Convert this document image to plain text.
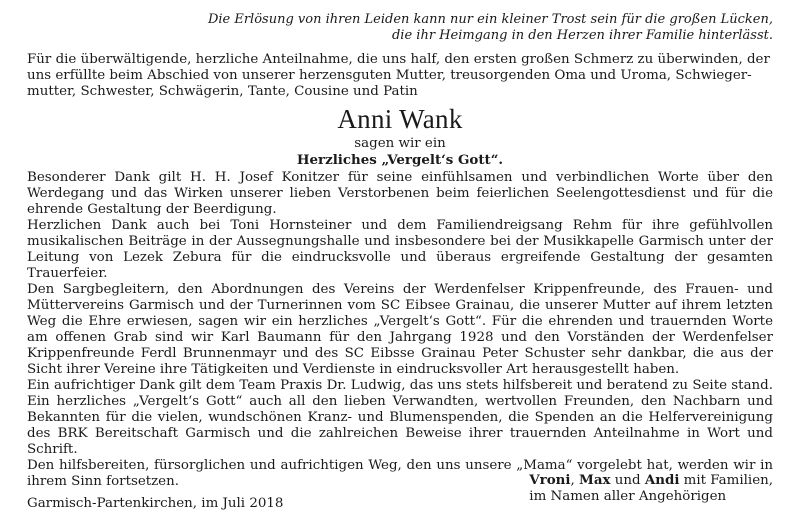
Die Erlösung von ihren Leiden kann nur ein kleiner Trost sein für die großen Lücken,
die ihr Heimgang in den Herzen ihrer Familie hinterlässt.
Für die überwältigende, herzliche Anteilnahme, die uns half, den ersten großen Schmerz zu überwinden, der
uns erfüllte beim Abschied von unserer herzensguten Mutter, treusorgenden Oma und Uroma, Schwieger-
mutter, Schwester, Schwägerin, Tante, Cousine und Patin
Anni Wank
sagen wir ein
Herzliches „Vergelt‘s Gott“.

Besonderer Dank gilt H. H. Josef Konitzer für seine einfühlsamen und verbindlichen Worte über den Werdegang und das Wirken unserer lieben Verstorbenen beim feierlichen Seelengottesdienst und für die ehrende Gestaltung der Beerdigung.

Herzlichen Dank auch bei Toni Hornsteiner und dem Familiendreigsang Rehm für ihre gefühlvollen musikalischen Beiträge in der Aussegnungshalle und insbesondere bei der Musikkapelle Garmisch unter der Leitung von Lezek Zebura für die eindrucksvolle und überaus ergreifende Gestaltung der gesamten Trauerfeier.

Den Sargbegleitern, den Abordnungen des Vereins der Werdenfelser Krippenfreunde, des Frauen- und Müttervereins Garmisch und der Turnerinnen vom SC Eibsee Grainau, die unserer Mutter auf ihrem letzten Weg die Ehre erwiesen, sagen wir ein herzliches „Vergelt‘s Gott“. Für die ehrenden und trauernden Worte am offenen Grab sind wir Karl Baumann für den Jahrgang 1928 und den Vorständen der Werdenfelser Krippenfreunde Ferdl Brunnenmayr und des SC Eibsse Grainau Peter Schuster sehr dankbar, die aus der Sicht ihrer Vereine ihre Tätigkeiten und Verdienste in eindrucksvoller Art herausgestellt haben.

Ein aufrichtiger Dank gilt dem Team Praxis Dr. Ludwig, das uns stets hilfsbereit und beratend zu Seite stand. Ein herzliches „Vergelt‘s Gott“ auch all den lieben Verwandten, wertvollen Freunden, den Nachbarn und Bekannten für die vielen, wundschönen Kranz- und Blumenspenden, die Spenden an die Helfervereinigung des BRK Bereitschaft Garmisch und die zahlreichen Beweise ihrer trauernden Anteilnahme in Wort und Schrift.

Den hilfsbereiten, fürsorglichen und aufrichtigen Weg, den uns unsere „Mama“ vorgelebt hat, werden wir in ihrem Sinn fortsetzen.

Garmisch-Partenkirchen, im Juli 2018
Vroni, Max und Andi mit Familien,
im Namen aller Angehörigen
